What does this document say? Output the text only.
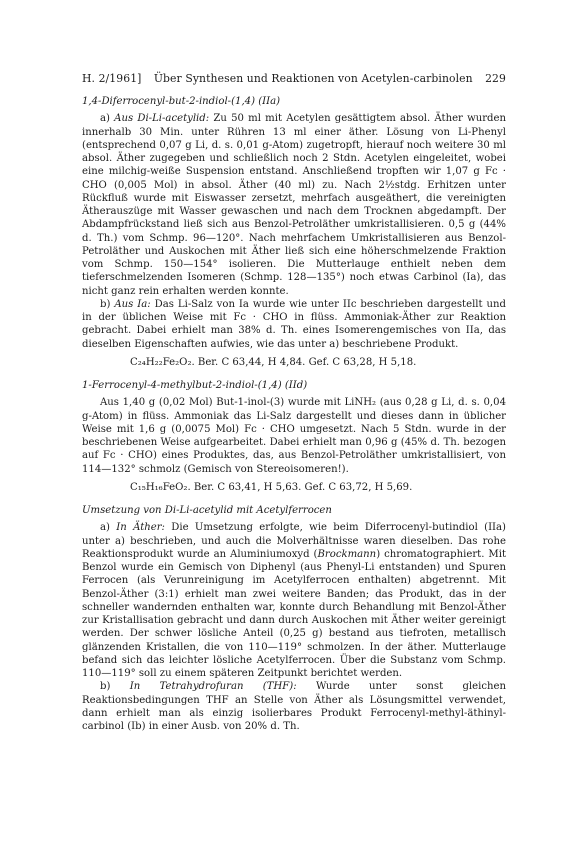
H. 2/1961]	Über Synthesen und Reaktionen von Acetylen-carbinolen	229
1,4-Diferrocenyl-but-2-indiol-(1,4) (IIa)

a) Aus Di-Li-acetylid: Zu 50 ml mit Acetylen gesättigtem absol. Äther wurden innerhalb 30 Min. unter Rühren 13 ml einer äther. Lösung von Li-Phenyl (entsprechend 0,07 g Li, d. s. 0,01 g-Atom) zugetropft, hierauf noch weitere 30 ml absol. Äther zugegeben und schließlich noch 2 Stdn. Acetylen eingeleitet, wobei eine milchig-weiße Suspension entstand. Anschließend tropften wir 1,07 g Fc · CHO (0,005 Mol) in absol. Äther (40 ml) zu. Nach 2½stdg. Erhitzen unter Rückfluß wurde mit Eiswasser zersetzt, mehrfach ausgeäthert, die vereinigten Ätherauszüge mit Wasser gewaschen und nach dem Trocknen abgedampft. Der Abdampfrückstand ließ sich aus Benzol-Petroläther umkristallisieren. 0,5 g (44% d. Th.) vom Schmp. 96—120°. Nach mehrfachem Umkristallisieren aus Benzol-Petroläther und Auskochen mit Äther ließ sich eine höherschmelzende Fraktion vom Schmp. 150—154° isolieren. Die Mutterlauge enthielt neben dem tieferschmelzenden Isomeren (Schmp. 128—135°) noch etwas Carbinol (Ia), das nicht ganz rein erhalten werden konnte.

b) Aus Ia: Das Li-Salz von Ia wurde wie unter IIc beschrieben dargestellt und in der üblichen Weise mit Fc · CHO in flüss. Ammoniak-Äther zur Reaktion gebracht. Dabei erhielt man 38% d. Th. eines Isomerengemisches von IIa, das dieselben Eigenschaften aufwies, wie das unter a) beschriebene Produkt.

C₂₄H₂₂Fe₂O₂. Ber. C 63,44, H 4,84. Gef. C 63,28, H 5,18.
1-Ferrocenyl-4-methylbut-2-indiol-(1,4) (IId)

Aus 1,40 g (0,02 Mol) But-1-inol-(3) wurde mit LiNH₂ (aus 0,28 g Li, d. s. 0,04 g-Atom) in flüss. Ammoniak das Li-Salz dargestellt und dieses dann in üblicher Weise mit 1,6 g (0,0075 Mol) Fc · CHO umgesetzt. Nach 5 Stdn. wurde in der beschriebenen Weise aufgearbeitet. Dabei erhielt man 0,96 g (45% d. Th. bezogen auf Fc · CHO) eines Produktes, das, aus Benzol-Petroläther umkristallisiert, von 114—132° schmolz (Gemisch von Stereoisomeren!).

C₁₅H₁₆FeO₂. Ber. C 63,41, H 5,63. Gef. C 63,72, H 5,69.
Umsetzung von Di-Li-acetylid mit Acetylferrocen

a) In Äther: Die Umsetzung erfolgte, wie beim Diferrocenyl-butindiol (IIa) unter a) beschrieben, und auch die Molverhältnisse waren dieselben. Das rohe Reaktionsprodukt wurde an Aluminiumoxyd (Brockmann) chromatographiert. Mit Benzol wurde ein Gemisch von Diphenyl (aus Phenyl-Li entstanden) und Spuren Ferrocen (als Verunreinigung im Acetylferrocen enthalten) abgetrennt. Mit Benzol-Äther (3:1) erhielt man zwei weitere Banden; das Produkt, das in der schneller wandernden enthalten war, konnte durch Behandlung mit Benzol-Äther zur Kristallisation gebracht und dann durch Auskochen mit Äther weiter gereinigt werden. Der schwer lösliche Anteil (0,25 g) bestand aus tiefroten, metallisch glänzenden Kristallen, die von 110—119° schmolzen. In der äther. Mutterlauge befand sich das leichter lösliche Acetylferrocen. Über die Substanz vom Schmp. 110—119° soll zu einem späteren Zeitpunkt berichtet werden.

b) In Tetrahydrofuran (THF): Wurde unter sonst gleichen Reaktionsbedingungen THF an Stelle von Äther als Lösungsmittel verwendet, dann erhielt man als einzig isolierbares Produkt Ferrocenyl-methyl-äthinyl-carbinol (Ib) in einer Ausb. von 20% d. Th.
